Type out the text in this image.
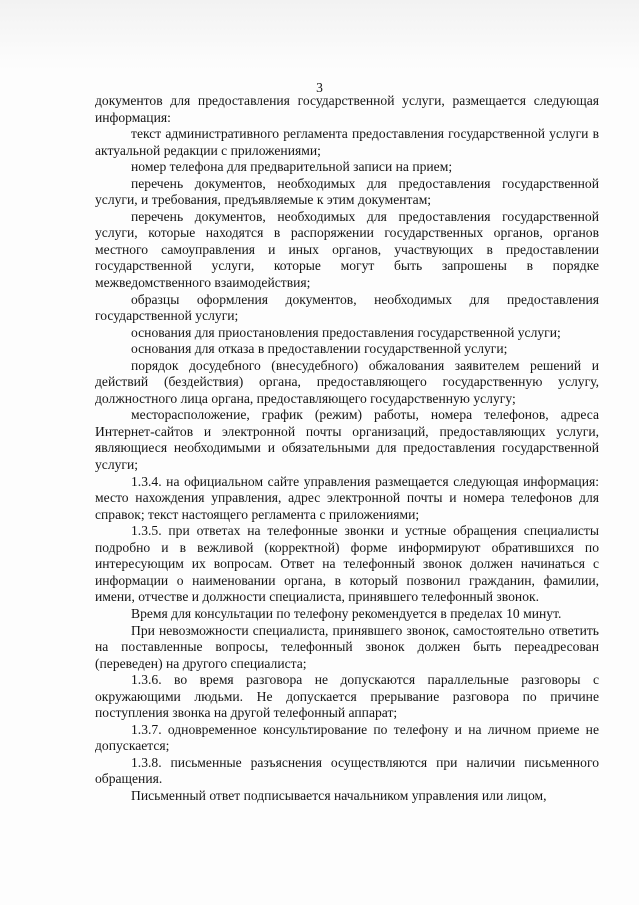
3

документов для предоставления государственной услуги, размещается следующая информация:

текст административного регламента предоставления государственной услуги в актуальной редакции с приложениями;

номер телефона для предварительной записи на прием;

перечень документов, необходимых для предоставления государственной услуги, и требования, предъявляемые к этим документам;

перечень документов, необходимых для предоставления государственной услуги, которые находятся в распоряжении государственных органов, органов местного самоуправления и иных органов, участвующих в предоставлении государственной услуги, которые могут быть запрошены в порядке межведомственного взаимодействия;

образцы оформления документов, необходимых для предоставления государственной услуги;

основания для приостановления предоставления государственной услуги;

основания для отказа в предоставлении государственной услуги;

порядок досудебного (внесудебного) обжалования заявителем решений и действий (бездействия) органа, предоставляющего государственную услугу, должностного лица органа, предоставляющего государственную услугу;

месторасположение, график (режим) работы, номера телефонов, адреса Интернет-сайтов и электронной почты организаций, предоставляющих услуги, являющиеся необходимыми и обязательными для предоставления государственной услуги;

1.3.4. на официальном сайте управления размещается следующая информация: место нахождения управления, адрес электронной почты и номера телефонов для справок; текст настоящего регламента с приложениями;

1.3.5. при ответах на телефонные звонки и устные обращения специалисты подробно и в вежливой (корректной) форме информируют обратившихся по интересующим их вопросам. Ответ на телефонный звонок должен начинаться с информации о наименовании органа, в который позвонил гражданин, фамилии, имени, отчестве и должности специалиста, принявшего телефонный звонок.

Время для консультации по телефону рекомендуется в пределах 10 минут.

При невозможности специалиста, принявшего звонок, самостоятельно ответить на поставленные вопросы, телефонный звонок должен быть переадресован (переведен) на другого специалиста;

1.3.6. во время разговора не допускаются параллельные разговоры с окружающими людьми. Не допускается прерывание разговора по причине поступления звонка на другой телефонный аппарат;

1.3.7. одновременное консультирование по телефону и на личном приеме не допускается;

1.3.8. письменные разъяснения осуществляются при наличии письменного обращения.

Письменный ответ подписывается начальником управления или лицом,
